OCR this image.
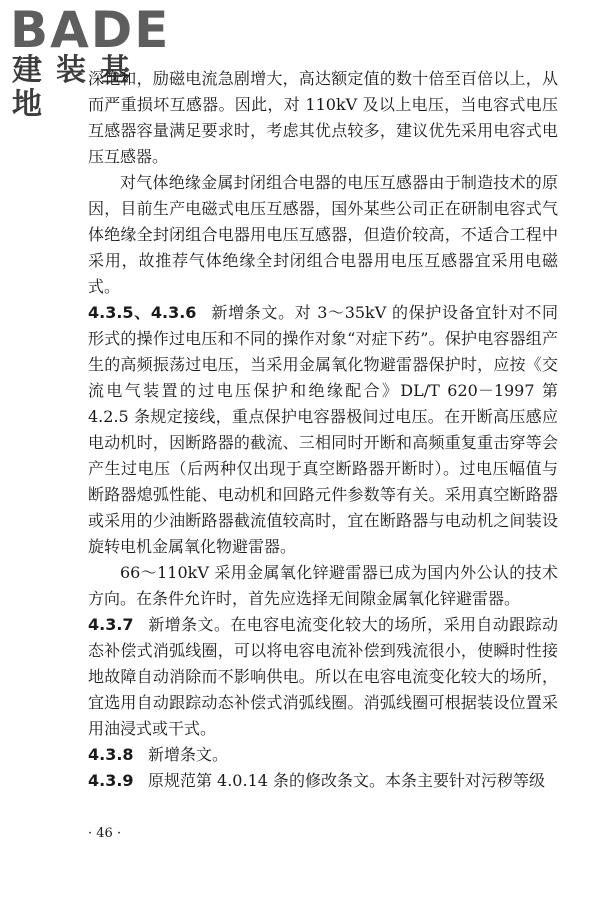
BADE
建装基地

深饱和，励磁电流急剧增大，高达额定值的数十倍至百倍以上，从而严重损坏互感器。因此，对 110kV 及以上电压，当电容式电压互感器容量满足要求时，考虑其优点较多，建议优先采用电容式电压互感器。

对气体绝缘金属封闭组合电器的电压互感器由于制造技术的原因，目前生产电磁式电压互感器，国外某些公司正在研制电容式气体绝缘全封闭组合电器用电压互感器，但造价较高，不适合工程中采用，故推荐气体绝缘全封闭组合电器用电压互感器宜采用电磁式。

4.3.5、4.3.6 新增条文。对 3～35kV 的保护设备宜针对不同形式的操作过电压和不同的操作对象“对症下药”。保护电容器组产生的高频振荡过电压，当采用金属氧化物避雷器保护时，应按《交流电气装置的过电压保护和绝缘配合》DL/T 620－1997 第 4.2.5 条规定接线，重点保护电容器极间过电压。在开断高压感应电动机时，因断路器的截流、三相同时开断和高频重复重击穿等会产生过电压（后两种仅出现于真空断路器开断时）。过电压幅值与断路器熄弧性能、电动机和回路元件参数等有关。采用真空断路器或采用的少油断路器截流值较高时，宜在断路器与电动机之间装设旋转电机金属氧化物避雷器。

66～110kV 采用金属氧化锌避雷器已成为国内外公认的技术方向。在条件允许时，首先应选择无间隙金属氧化锌避雷器。

4.3.7 新增条文。在电容电流变化较大的场所，采用自动跟踪动态补偿式消弧线圈，可以将电容电流补偿到残流很小，使瞬时性接地故障自动消除而不影响供电。所以在电容电流变化较大的场所，宜选用自动跟踪动态补偿式消弧线圈。消弧线圈可根据装设位置采用油浸式或干式。

4.3.8 新增条文。

4.3.9 原规范第 4.0.14 条的修改条文。本条主要针对污秽等级

· 46 ·
